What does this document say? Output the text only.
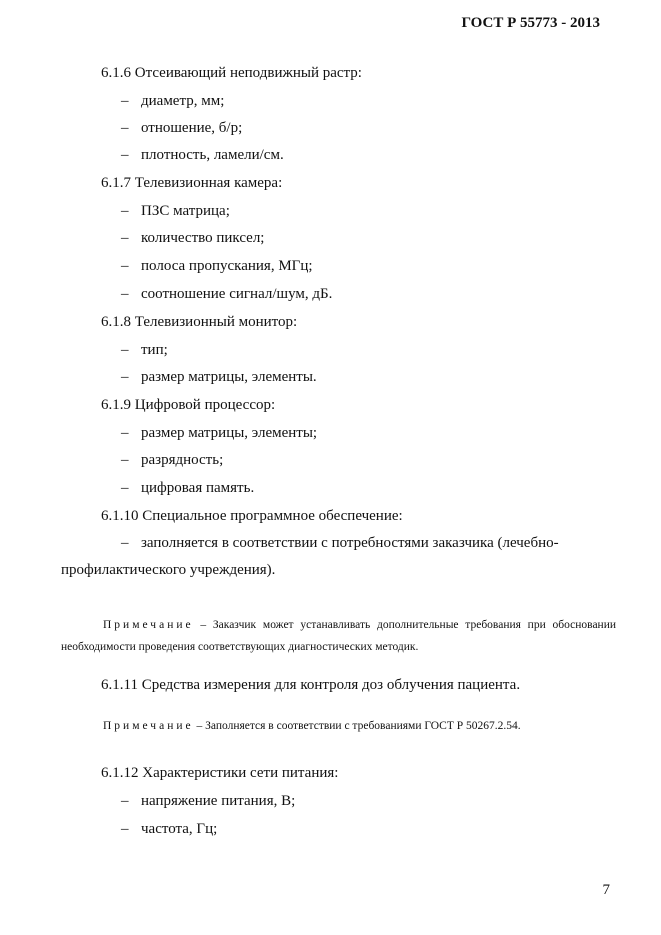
ГОСТ Р 55773 - 2013
6.1.6 Отсеивающий неподвижный растр:
– диаметр, мм;
– отношение, б/р;
– плотность, ламели/см.
6.1.7 Телевизионная камера:
– ПЗС матрица;
– количество пиксел;
– полоса пропускания, МГц;
– соотношение сигнал/шум, дБ.
6.1.8 Телевизионный монитор:
– тип;
– размер матрицы, элементы.
6.1.9 Цифровой процессор:
– размер матрицы, элементы;
– разрядность;
– цифровая память.
6.1.10 Специальное программное обеспечение:
– заполняется в соответствии с потребностями заказчика (лечебно-
профилактического учреждения).
Примечание – Заказчик может устанавливать дополнительные требования при обосновании необходимости проведения соответствующих диагностических методик.
6.1.11 Средства измерения для контроля доз облучения пациента.
Примечание – Заполняется в соответствии с требованиями ГОСТ Р 50267.2.54.
6.1.12 Характеристики сети питания:
– напряжение питания, В;
– частота, Гц;
7
